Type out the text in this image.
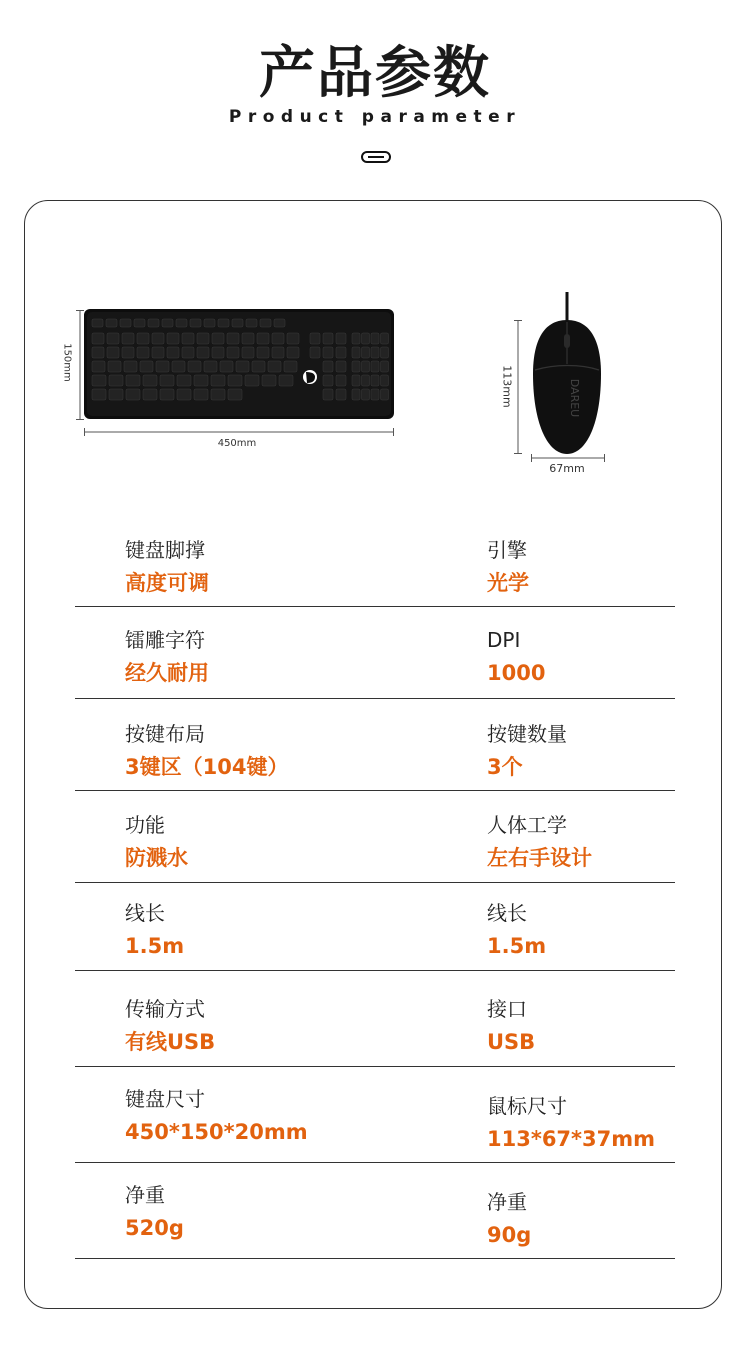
产品参数
Product parameter
150mm
450mm
DAREU
113mm
67mm
键盘脚撑
高度可调
引擎
光学
镭雕字符
经久耐用
DPI
1000
按键布局
3键区（104键）
按键数量
3个
功能
防溅水
人体工学
左右手设计
线长
1.5m
线长
1.5m
传输方式
有线USB
接口
USB
键盘尺寸
450*150*20mm
鼠标尺寸
113*67*37mm
净重
520g
净重
90g
